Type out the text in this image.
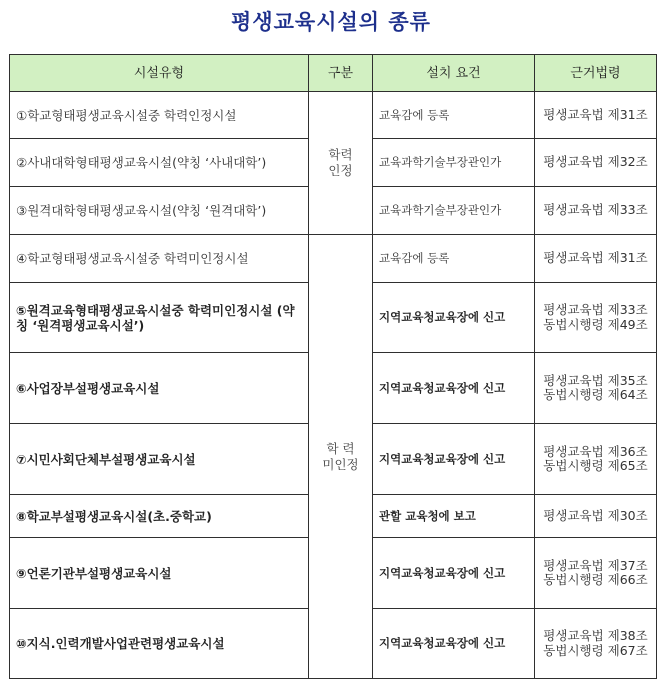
평생교육시설의 종류
시설유형	구분	설치 요건	근거법령
①학교형태평생교육시설중 학력인정시설	학력 인정	교육감에 등록	평생교육법 제31조

②사내대학형태평생교육시설(약칭 ‘사내대학’)		교육과학기술부장관인가	평생교육법 제32조

③원격대학형태평생교육시설(약칭 ‘원격대학’)		교육과학기술부장관인가	평생교육법 제33조

④학교형태평생교육시설중 학력미인정시설	학 력 미인정	교육감에 등록	평생교육법 제31조

⑤원격교육형태평생교육시설중 학력미인정시설 (약칭 ‘원격평생교육시설’)		지역교육청교육장에 신고	평생교육법 제33조
동법시행령 제49조

⑥사업장부설평생교육시설		지역교육청교육장에 신고	평생교육법 제35조
동법시행령 제64조

⑦시민사회단체부설평생교육시설		지역교육청교육장에 신고	평생교육법 제36조
동법시행령 제65조

⑧학교부설평생교육시설(초.중학교)		관할 교육청에 보고	평생교육법 제30조

⑨언론기관부설평생교육시설		지역교육청교육장에 신고	평생교육법 제37조
동법시행령 제66조

⑩지식.인력개발사업관련평생교육시설		지역교육청교육장에 신고	평생교육법 제38조
동법시행령 제67조
